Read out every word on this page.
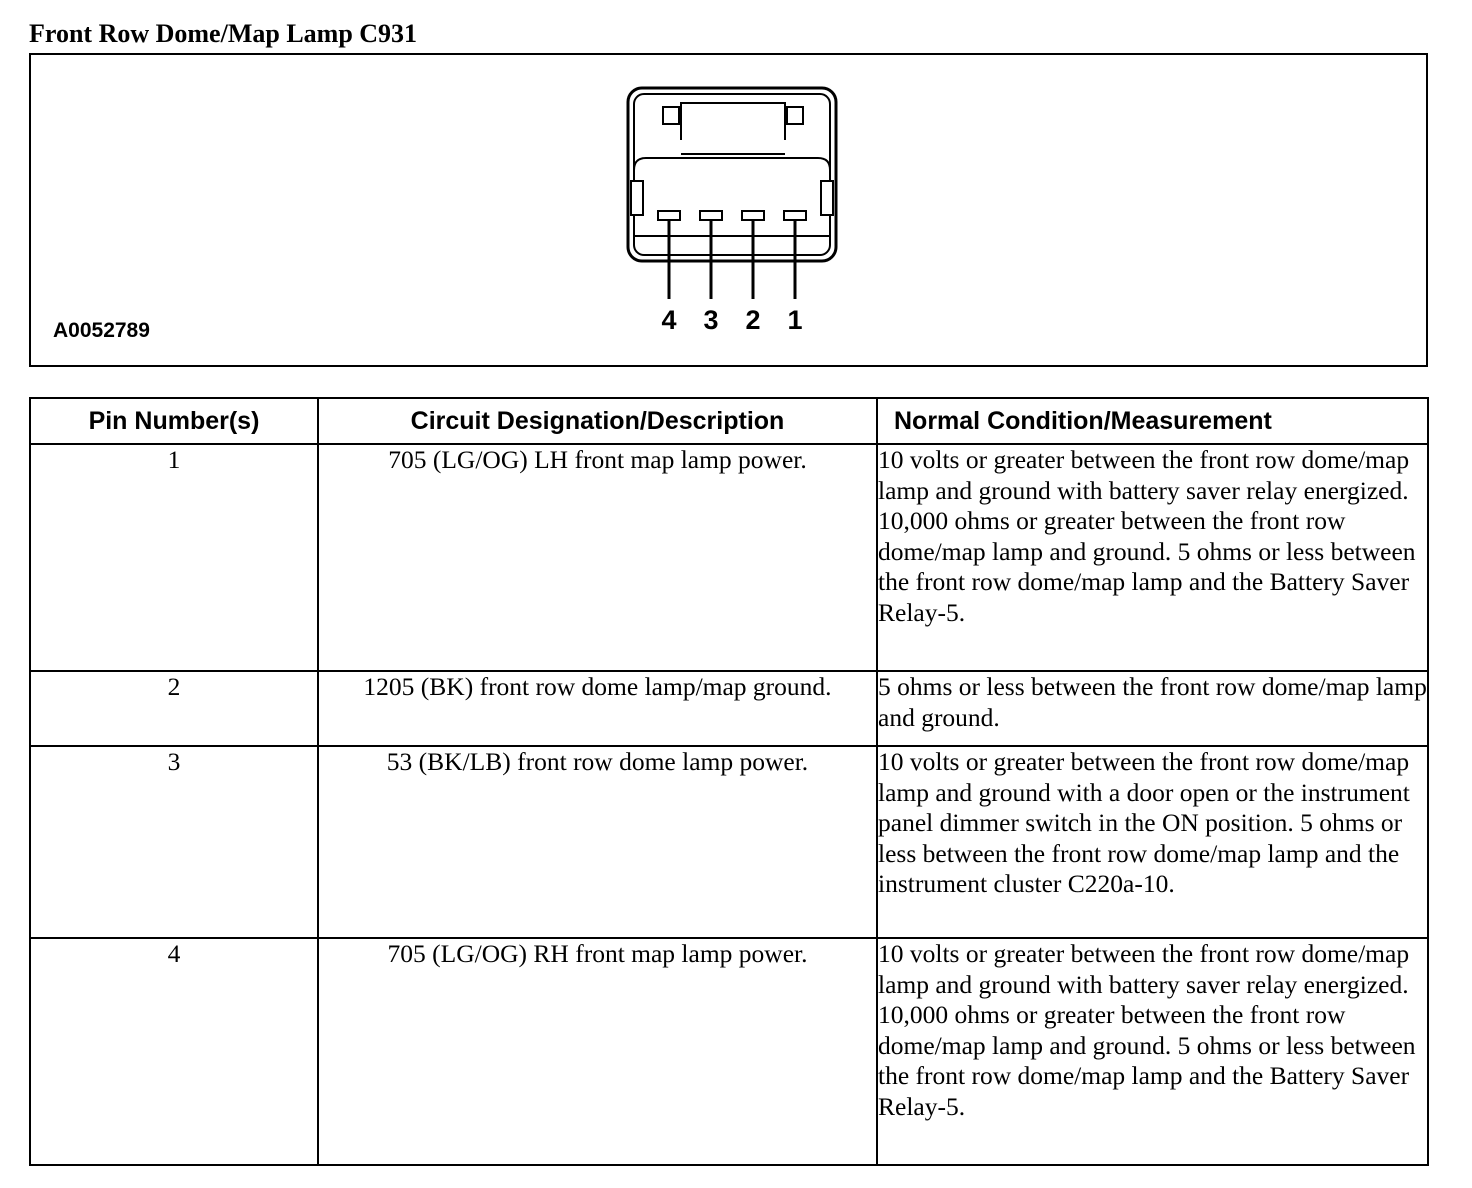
Front Row Dome/Map Lamp C931
4 3 2 1
A0052789
Pin Number(s)	Circuit Designation/Description	Normal Condition/Measurement
1	705 (LG/OG) LH front map lamp power.	10 volts or greater between the front row dome/map lamp and ground with battery saver relay energized. 10,000 ohms or greater between the front row dome/map lamp and ground. 5 ohms or less between the front row dome/map lamp and the Battery Saver Relay-5.
2	1205 (BK) front row dome lamp/map ground.	5 ohms or less between the front row dome/map lamp and ground.
3	53 (BK/LB) front row dome lamp power.	10 volts or greater between the front row dome/map lamp and ground with a door open or the instrument panel dimmer switch in the ON position. 5 ohms or less between the front row dome/map lamp and the instrument cluster C220a-10.
4	705 (LG/OG) RH front map lamp power.	10 volts or greater between the front row dome/map lamp and ground with battery saver relay energized. 10,000 ohms or greater between the front row dome/map lamp and ground. 5 ohms or less between the front row dome/map lamp and the Battery Saver Relay-5.
